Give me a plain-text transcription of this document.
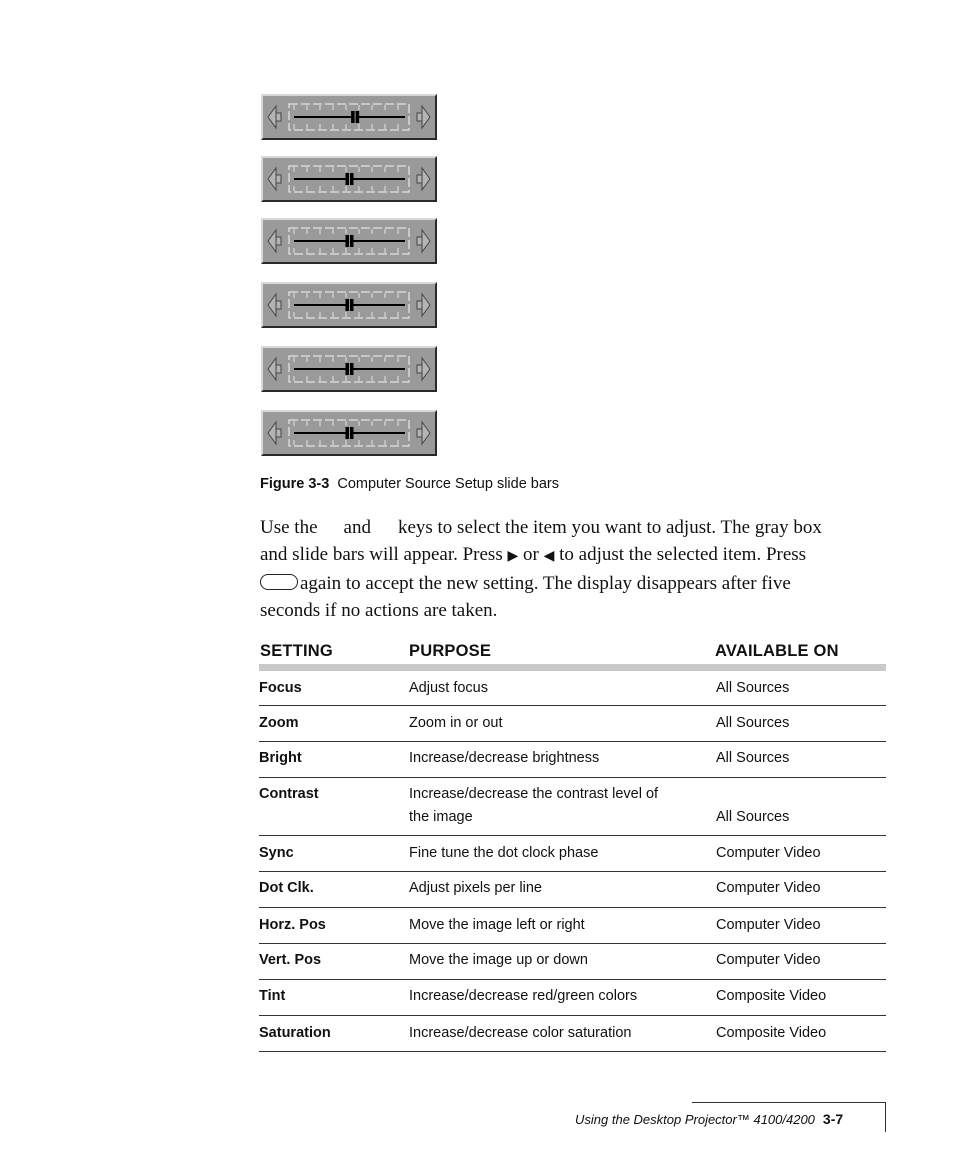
Figure 3-3 Computer Source Setup slide bars

Use the and keys to select the item you want to adjust. The gray box

and slide bars will appear. Press ▶ or ◀ to adjust the selected item. Press

again to accept the new setting. The display disappears after five

seconds if no actions are taken.

SETTING	PURPOSE	AVAILABLE ON
Focus	Adjust focus	All Sources
Zoom	Zoom in or out	All Sources
Bright	Increase/decrease brightness	All Sources
Contrast	Increase/decrease the contrast level of
the image	All Sources
Sync	Fine tune the dot clock phase	Computer Video
Dot Clk.	Adjust pixels per line	Computer Video
Horz. Pos	Move the image left or right	Computer Video
Vert. Pos	Move the image up or down	Computer Video
Tint	Increase/decrease red/green colors	Composite Video
Saturation	Increase/decrease color saturation	Composite Video
Using the Desktop Projector™ 4100/4200 3-7
